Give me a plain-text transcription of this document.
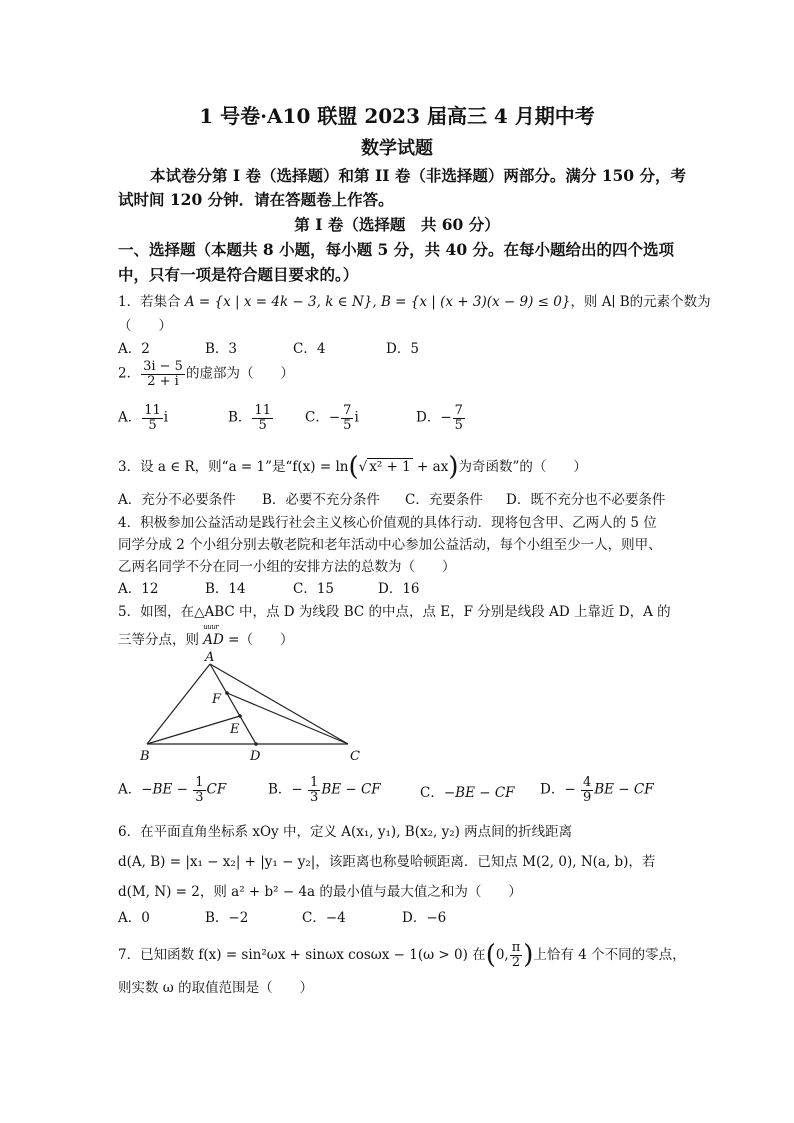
1 号卷·A10 联盟 2023 届高三 4 月期中考
数学试题
本试卷分第 I 卷（选择题）和第 II 卷（非选择题）两部分。满分 150 分，考
试时间 120 分钟．请在答题卷上作答。
第 I 卷（选择题　共 60 分）
一、选择题（本题共 8 小题，每小题 5 分，共 40 分。在每小题给出的四个选项
中，只有一项是符合题目要求的。）
1．若集合 A = {x | x = 4k − 3, k ∈ N}, B = {x | (x + 3)(x − 9) ≤ 0}，则 A∣ B的元素个数为
（　　）
A．2	B．3	C．4	D．5
2． $\frac{3i - 5}{2 + i}$ 的虚部为（　　）
A． $\frac{11}{5}$ i	B． $\frac{11}{5}$ C．− $\frac{7}{5}$ i	D．− $\frac{7}{5}$
3．设 a ∈ R，则“a = 1”是“f(x) = ln(√ x² + 1 + ax)为奇函数”的（　　）
A．充分不必要条件 B．必要不充分条件 C．充要条件 D．既不充分也不必要条件
4．积极参加公益活动是践行社会主义核心价值观的具体行动．现将包含甲、乙两人的 5 位
同学分成 2 个小组分别去敬老院和老年活动中心参加公益活动，每个小组至少一人，则甲、
乙两名同学不分在同一小组的安排方法的总数为（　　）
A．12	B．14	C．15	D．16
5．如图，在△ABC 中，点 D 为线段 BC 的中点，点 E，F 分别是线段 AD 上靠近 D，A 的
三等分点，则 uuur AD =（　　）
A
B	C
D
E
F
A．$-BE - \frac{1}{3}$ CF	B．− $\frac{1}{3}$ BE − CF	C．−BE − CF D．− $\frac{4}{9}$ BE − CF
6．在平面直角坐标系 xOy 中，定义 A(x₁, y₁), B(x₂, y₂) 两点间的折线距离
d(A, B) = |x₁ − x₂| + |y₁ − y₂|，该距离也称曼哈顿距离．已知点 M(2, 0), N(a, b)，若
d(M, N) = 2，则 a² + b² − 4a 的最小值与最大值之和为（　　）
A．0	B．−2	C．−4	D．−6
7．已知函数 f(x) = sin²ωx + sinωx cosωx − 1(ω > 0) 在(0, $\frac{\pi}{2}$ )上恰有 4 个不同的零点，
则实数 ω 的取值范围是（　　）
